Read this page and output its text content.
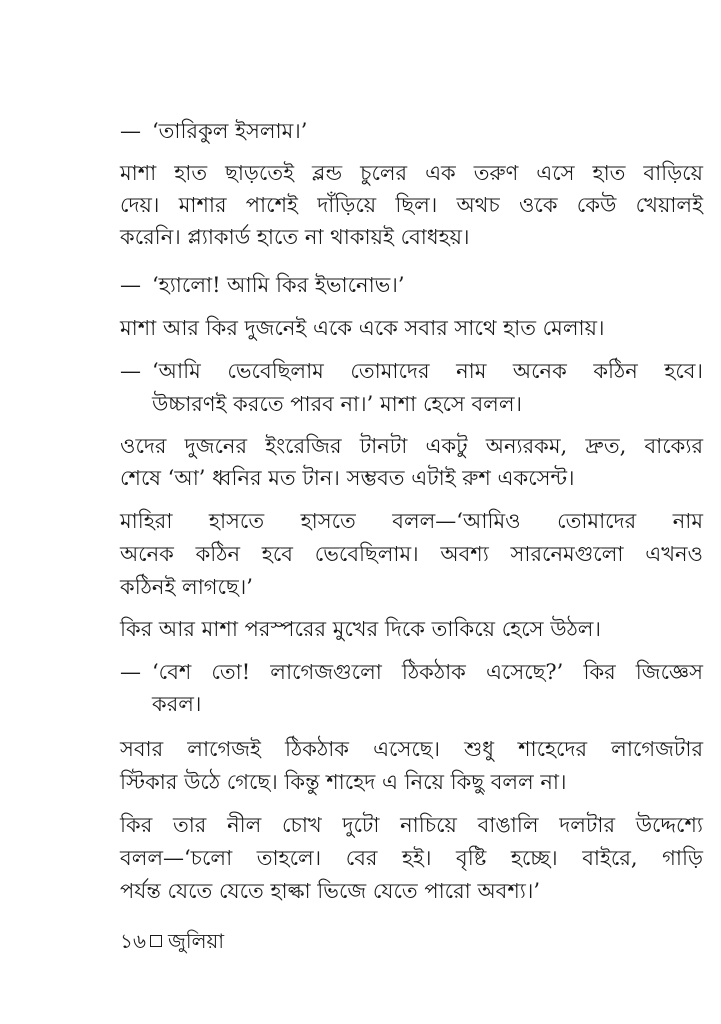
— ‘তারিকুল ইসলাম।’
মাশা হাত ছাড়তেই ব্লন্ড চুলের এক তরুণ এসে হাত বাড়িয়ে
দেয়। মাশার পাশেই দাঁড়িয়ে ছিল। অথচ ওকে কেউ খেয়ালই
করেনি। প্ল্যাকার্ড হাতে না থাকায়ই বোধহয়।
— ‘হ্যালো! আমি কির ইভানোভ।’
মাশা আর কির দুজনেই একে একে সবার সাথে হাত মেলায়।
— ‘আমি ভেবেছিলাম তোমাদের নাম অনেক কঠিন হবে।
উচ্চারণই করতে পারব না।’ মাশা হেসে বলল।
ওদের দুজনের ইংরেজির টানটা একটু অন্যরকম, দ্রুত, বাক্যের
শেষে ‘আ’ ধ্বনির মত টান। সম্ভবত এটাই রুশ একসেন্ট।
মাহিরা হাসতে হাসতে বলল—‘আমিও তোমাদের নাম
অনেক কঠিন হবে ভেবেছিলাম। অবশ্য সারনেমগুলো এখনও
কঠিনই লাগছে।’
কির আর মাশা পরস্পরের মুখের দিকে তাকিয়ে হেসে উঠল।
— ‘বেশ তো! লাগেজগুলো ঠিকঠাক এসেছে?’ কির জিজ্ঞেস
করল।
সবার লাগেজই ঠিকঠাক এসেছে। শুধু শাহেদের লাগেজটার
স্টিকার উঠে গেছে। কিন্তু শাহেদ এ নিয়ে কিছু বলল না।
কির তার নীল চোখ দুটো নাচিয়ে বাঙালি দলটার উদ্দেশ্যে
বলল—‘চলো তাহলে। বের হই। বৃষ্টি হচ্ছে। বাইরে, গাড়ি
পর্যন্ত যেতে যেতে হাল্কা ভিজে যেতে পারো অবশ্য।’
১৬ জুলিয়া
